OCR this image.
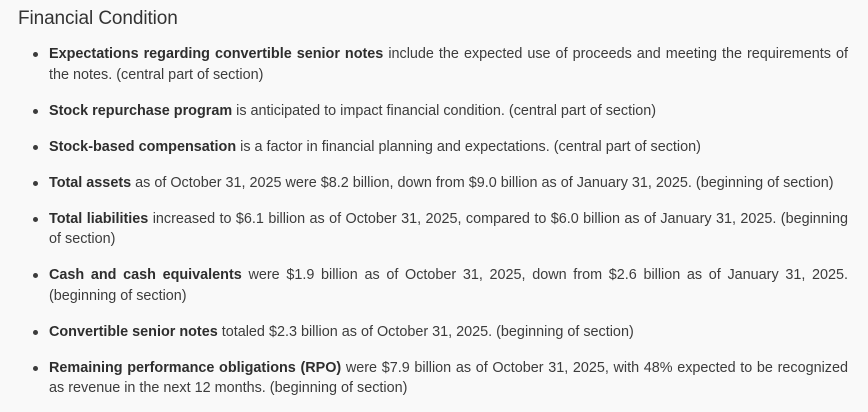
Financial Condition
Expectations regarding convertible senior notes include the expected use of proceeds and meeting the requirements of the notes. (central part of section)
Stock repurchase program is anticipated to impact financial condition. (central part of section)
Stock-based compensation is a factor in financial planning and expectations. (central part of section)
Total assets as of October 31, 2025 were $8.2 billion, down from $9.0 billion as of January 31, 2025. (beginning of section)
Total liabilities increased to $6.1 billion as of October 31, 2025, compared to $6.0 billion as of January 31, 2025. (beginning of section)
Cash and cash equivalents were $1.9 billion as of October 31, 2025, down from $2.6 billion as of January 31, 2025. (beginning of section)
Convertible senior notes totaled $2.3 billion as of October 31, 2025. (beginning of section)
Remaining performance obligations (RPO) were $7.9 billion as of October 31, 2025, with 48% expected to be recognized as revenue in the next 12 months. (beginning of section)
